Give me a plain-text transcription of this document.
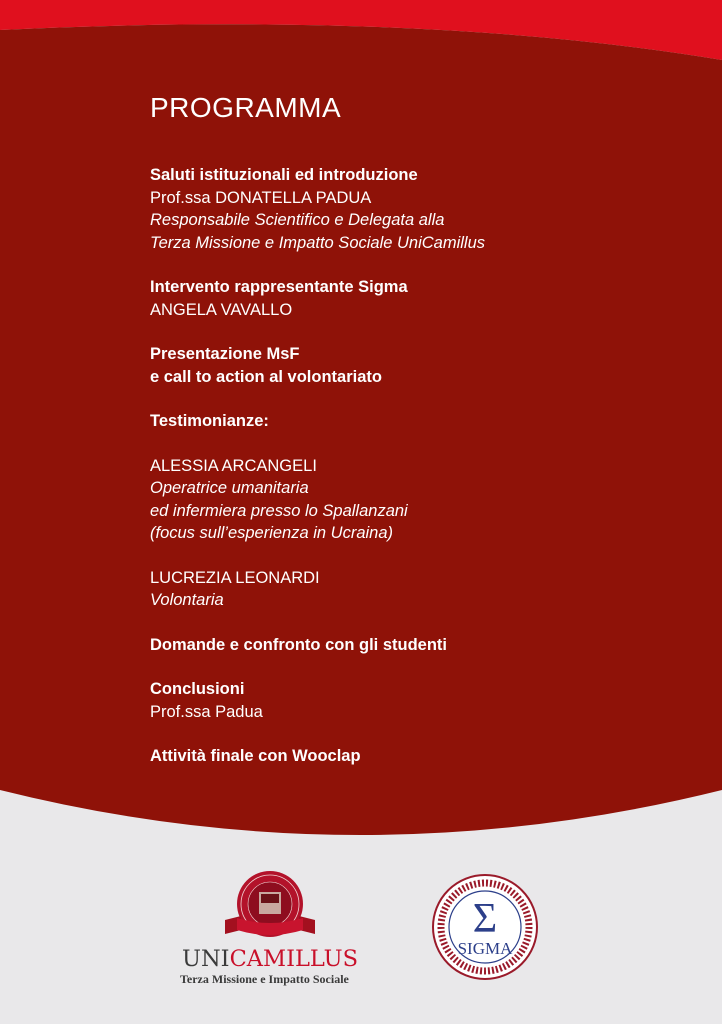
PROGRAMMA
Saluti istituzionali ed introduzione
Prof.ssa DONATELLA PADUA
Responsabile Scientifico e Delegata alla
Terza Missione e Impatto Sociale UniCamillus
Intervento rappresentante Sigma
ANGELA VAVALLO
Presentazione MsF
e call to action al volontariato
Testimonianze:
ALESSIA ARCANGELI
Operatrice umanitaria
ed infermiera presso lo Spallanzani
(focus sull’esperienza in Ucraina)
LUCREZIA LEONARDI
Volontaria
Domande e confronto con gli studenti
Conclusioni
Prof.ssa Padua
Attività finale con Wooclap
UNICAMILLUS
Terza Missione e Impatto Sociale
Σ
SIGMA
